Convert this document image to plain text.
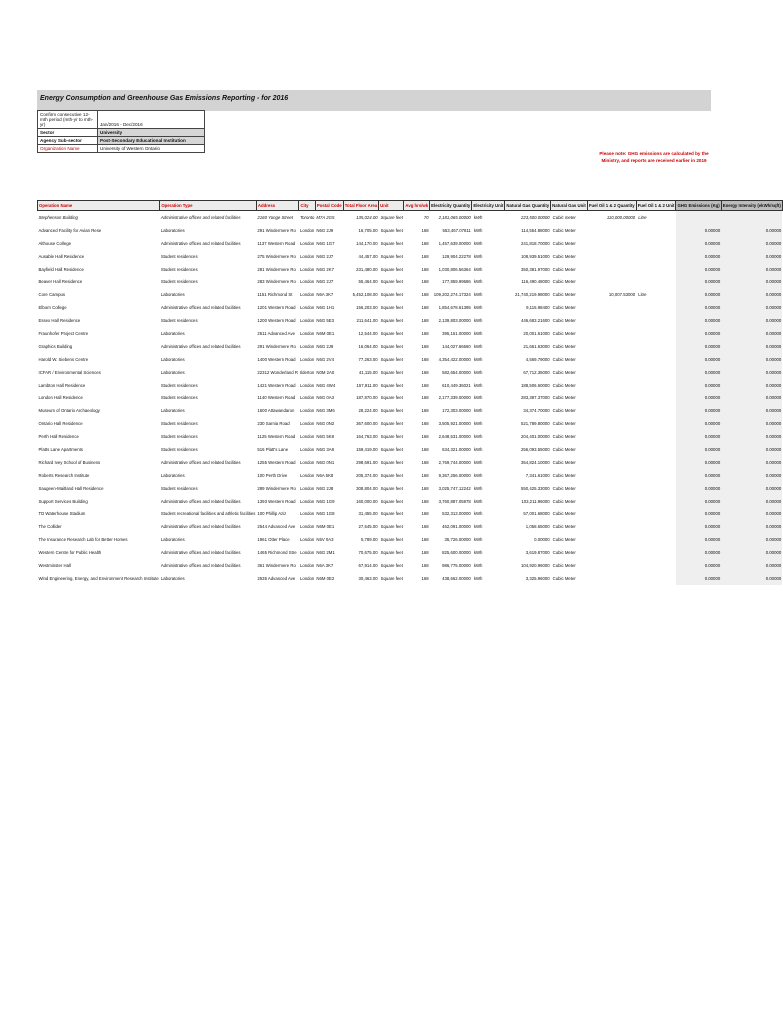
Energy Consumption and Greenhouse Gas Emissions Reporting - for 2016
Confirm consecutive 12-mth period (mth-yr to mth-yr)	Jan/2016 - Dec/2016
Sector	University
Agency Sub-sector	Post-Secondary Educational Institution
Organization Name	University of Western Ontario
Please note: GHG emissions are calculated by the Ministry, and reports are received earlier in 2019
Operation Name	Operation Type	Address	City	Postal Code	Total Floor Area	Unit	Avg hrs/wk	Electricity Quantity	Electricity Unit	Natural Gas Quantity	Natural Gas Unit	Fuel Oil 1 & 2 Quantity	Fuel Oil 1 & 2 Unit	GHG Emissions (Kg)	Energy Intensity (ekWh/sqft)
Stephenson Building	Administrative offices and related facilities	2160 Yonge Street	Toronto	M7A 2G5	135,024.00	Square feet	70	2,181,065.00000	kWh	223,500.00000	Cubic meter	110,000.00000	Litre		
Advanced Facility for Avian Rese	Laboratories	291 Windermere Ro	London	N6G 2J9	16,705.00	Square feet	168	553,467.07811	kWh	114,554.88000	Cubic Meter			0.00000	0.00000
Althouse College	Administrative offices and related facilities	1137 Western Road	London	N6G 1G7	144,170.00	Square feet	168	1,457,639.00000	kWh	241,818.70000	Cubic Meter			0.00000	0.00000
Ausable Hall Residence	Student residences	275 Windermere Ro	London	N6G 2J7	44,457.00	Square feet	168	129,904.22278	kWh	108,939.51000	Cubic Meter			0.00000	0.00000
Bayfield Hall Residence	Student residences	281 Windermere Ro	London	N6G 2K7	231,480.00	Square feet	168	1,030,806.56364	kWh	350,381.97000	Cubic Meter			0.00000	0.00000
Beaver Hall Residence	Student residences	283 Windermere Ro	London	N6G 2J7	55,464.00	Square feet	168	177,859.99686	kWh	116,490.48000	Cubic Meter			0.00000	0.00000
Core Campus	Laboratories	1151 Richmond St	London	N6A 3K7	5,452,108.00	Square feet	168	109,202,274.17324	kWh	21,740,219.98000	Cubic Meter	10,007.53000	Litre	0.00000	0.00000
Elborn College	Administrative offices and related facilities	1201 Western Road	London	N6G 1H1	156,203.00	Square feet	168	1,854,678.61395	kWh	9,115.98400	Cubic Meter			0.00000	0.00000
Essex Hall Residence	Student residences	1200 Western Road	London	N6G 5E3	211,641.00	Square feet	168	2,139,803.00000	kWh	446,683.21600	Cubic Meter			0.00000	0.00000
Fraunhofer Project Centre	Laboratories	2511 Advanced Ave	London	N6M 0E1	12,544.00	Square feet	168	395,151.00000	kWh	20,001.61000	Cubic Meter			0.00000	0.00000
Graphics Building	Administrative offices and related facilities	291 Windermere Ro	London	N6G 2J9	16,064.00	Square feet	168	144,027.66660	kWh	21,661.63000	Cubic Meter			0.00000	0.00000
Harold W. Siebens Centre	Laboratories	1400 Western Road	London	N6G 2V4	77,263.00	Square feet	168	4,354,422.00000	kWh	4,569.79000	Cubic Meter			0.00000	0.00000
ICFAR / Environmental Sciences	Laboratories	22312 Wonderland R	Ilderton	N0M 2A0	41,115.00	Square feet	168	582,654.00000	kWh	67,712.35000	Cubic Meter			0.00000	0.00000
Lambton Hall Residence	Student residences	1421 Western Road	London	N6G 4W4	157,911.00	Square feet	168	610,449.36021	kWh	188,506.60000	Cubic Meter			0.00000	0.00000
London Hall Residence	Student residences	1140 Western Road	London	N6G 0A3	187,870.00	Square feet	168	2,177,339.00000	kWh	283,387.37000	Cubic Meter			0.00000	0.00000
Museum of Ontario Archaeology	Laboratories	1600 Attawandaron	London	N6G 3M6	28,224.00	Square feet	168	172,303.00000	kWh	34,374.70000	Cubic Meter			0.00000	0.00000
Ontario Hall Residence	Student residences	230 Sarnia Road	London	N6G 0N2	367,600.00	Square feet	168	3,505,921.00000	kWh	521,789.80000	Cubic Meter			0.00000	0.00000
Perth Hall Residence	Student residences	1125 Western Road	London	N6G 5K8	164,763.00	Square feet	168	2,648,531.00000	kWh	204,401.00000	Cubic Meter			0.00000	0.00000
Platts Lane Apartments	Student residences	516 Platt's Lane	London	N6G 3A8	159,419.00	Square feet	168	634,321.00000	kWh	256,093.55000	Cubic Meter			0.00000	0.00000
Richard Ivey School of Business	Administrative offices and related facilities	1255 Western Road	London	N6G 0N1	298,691.00	Square feet	168	2,769,744.00000	kWh	354,824.10000	Cubic Meter			0.00000	0.00000
Roberts Research Institute	Laboratories	100 Perth Drive	London	N6A 5K8	205,374.00	Square feet	168	9,367,256.00000	kWh	7,341.61000	Cubic Meter			0.00000	0.00000
Saugeen-Maitland Hall Residence	Student residences	289 Windermere Ro	London	N6G 2J8	308,804.00	Square feet	168	3,025,747.12242	kWh	550,425.33000	Cubic Meter			0.00000	0.00000
Support Services Building	Administrative offices and related facilities	1393 Western Road	London	N6G 1G9	160,000.00	Square feet	168	3,760,887.05978	kWh	103,211.96000	Cubic Meter			0.00000	0.00000
TD Waterhouse Stadium	Student recreational facilities and athletic facilities	100 Phillip Aziz	London	N6G 1G8	31,455.00	Square feet	168	532,313.00000	kWh	57,001.68000	Cubic Meter			0.00000	0.00000
The Collider	Administrative offices and related facilities	2544 Advanced Ave	London	N6M 0E1	27,545.00	Square feet	168	462,091.00000	kWh	1,058.65000	Cubic Meter			0.00000	0.00000
The Insurance Research Lab for Better Homes	Laboratories	1961 Otter Place	London	N5V 0A3	5,789.00	Square feet	168	35,726.00000	kWh	0.00000	Cubic Meter			0.00000	0.00000
Western Centre for Public Health	Administrative offices and related facilities	1465 Richmond Stre	London	N6G 2M1	70,675.00	Square feet	168	825,600.00000	kWh	3,619.87000	Cubic Meter			0.00000	0.00000
Westminster Hall	Administrative offices and related facilities	361 Windermere Ro	London	N6A 3K7	67,914.00	Square feet	168	986,775.00000	kWh	104,920.96000	Cubic Meter			0.00000	0.00000
Wind Engineering, Energy, and Environment Research Institute	Laboratories	2535 Advanced Ave	London	N6M 0E2	30,463.00	Square feet	168	438,662.00000	kWh	3,325.96000	Cubic Meter			0.00000	0.00000
